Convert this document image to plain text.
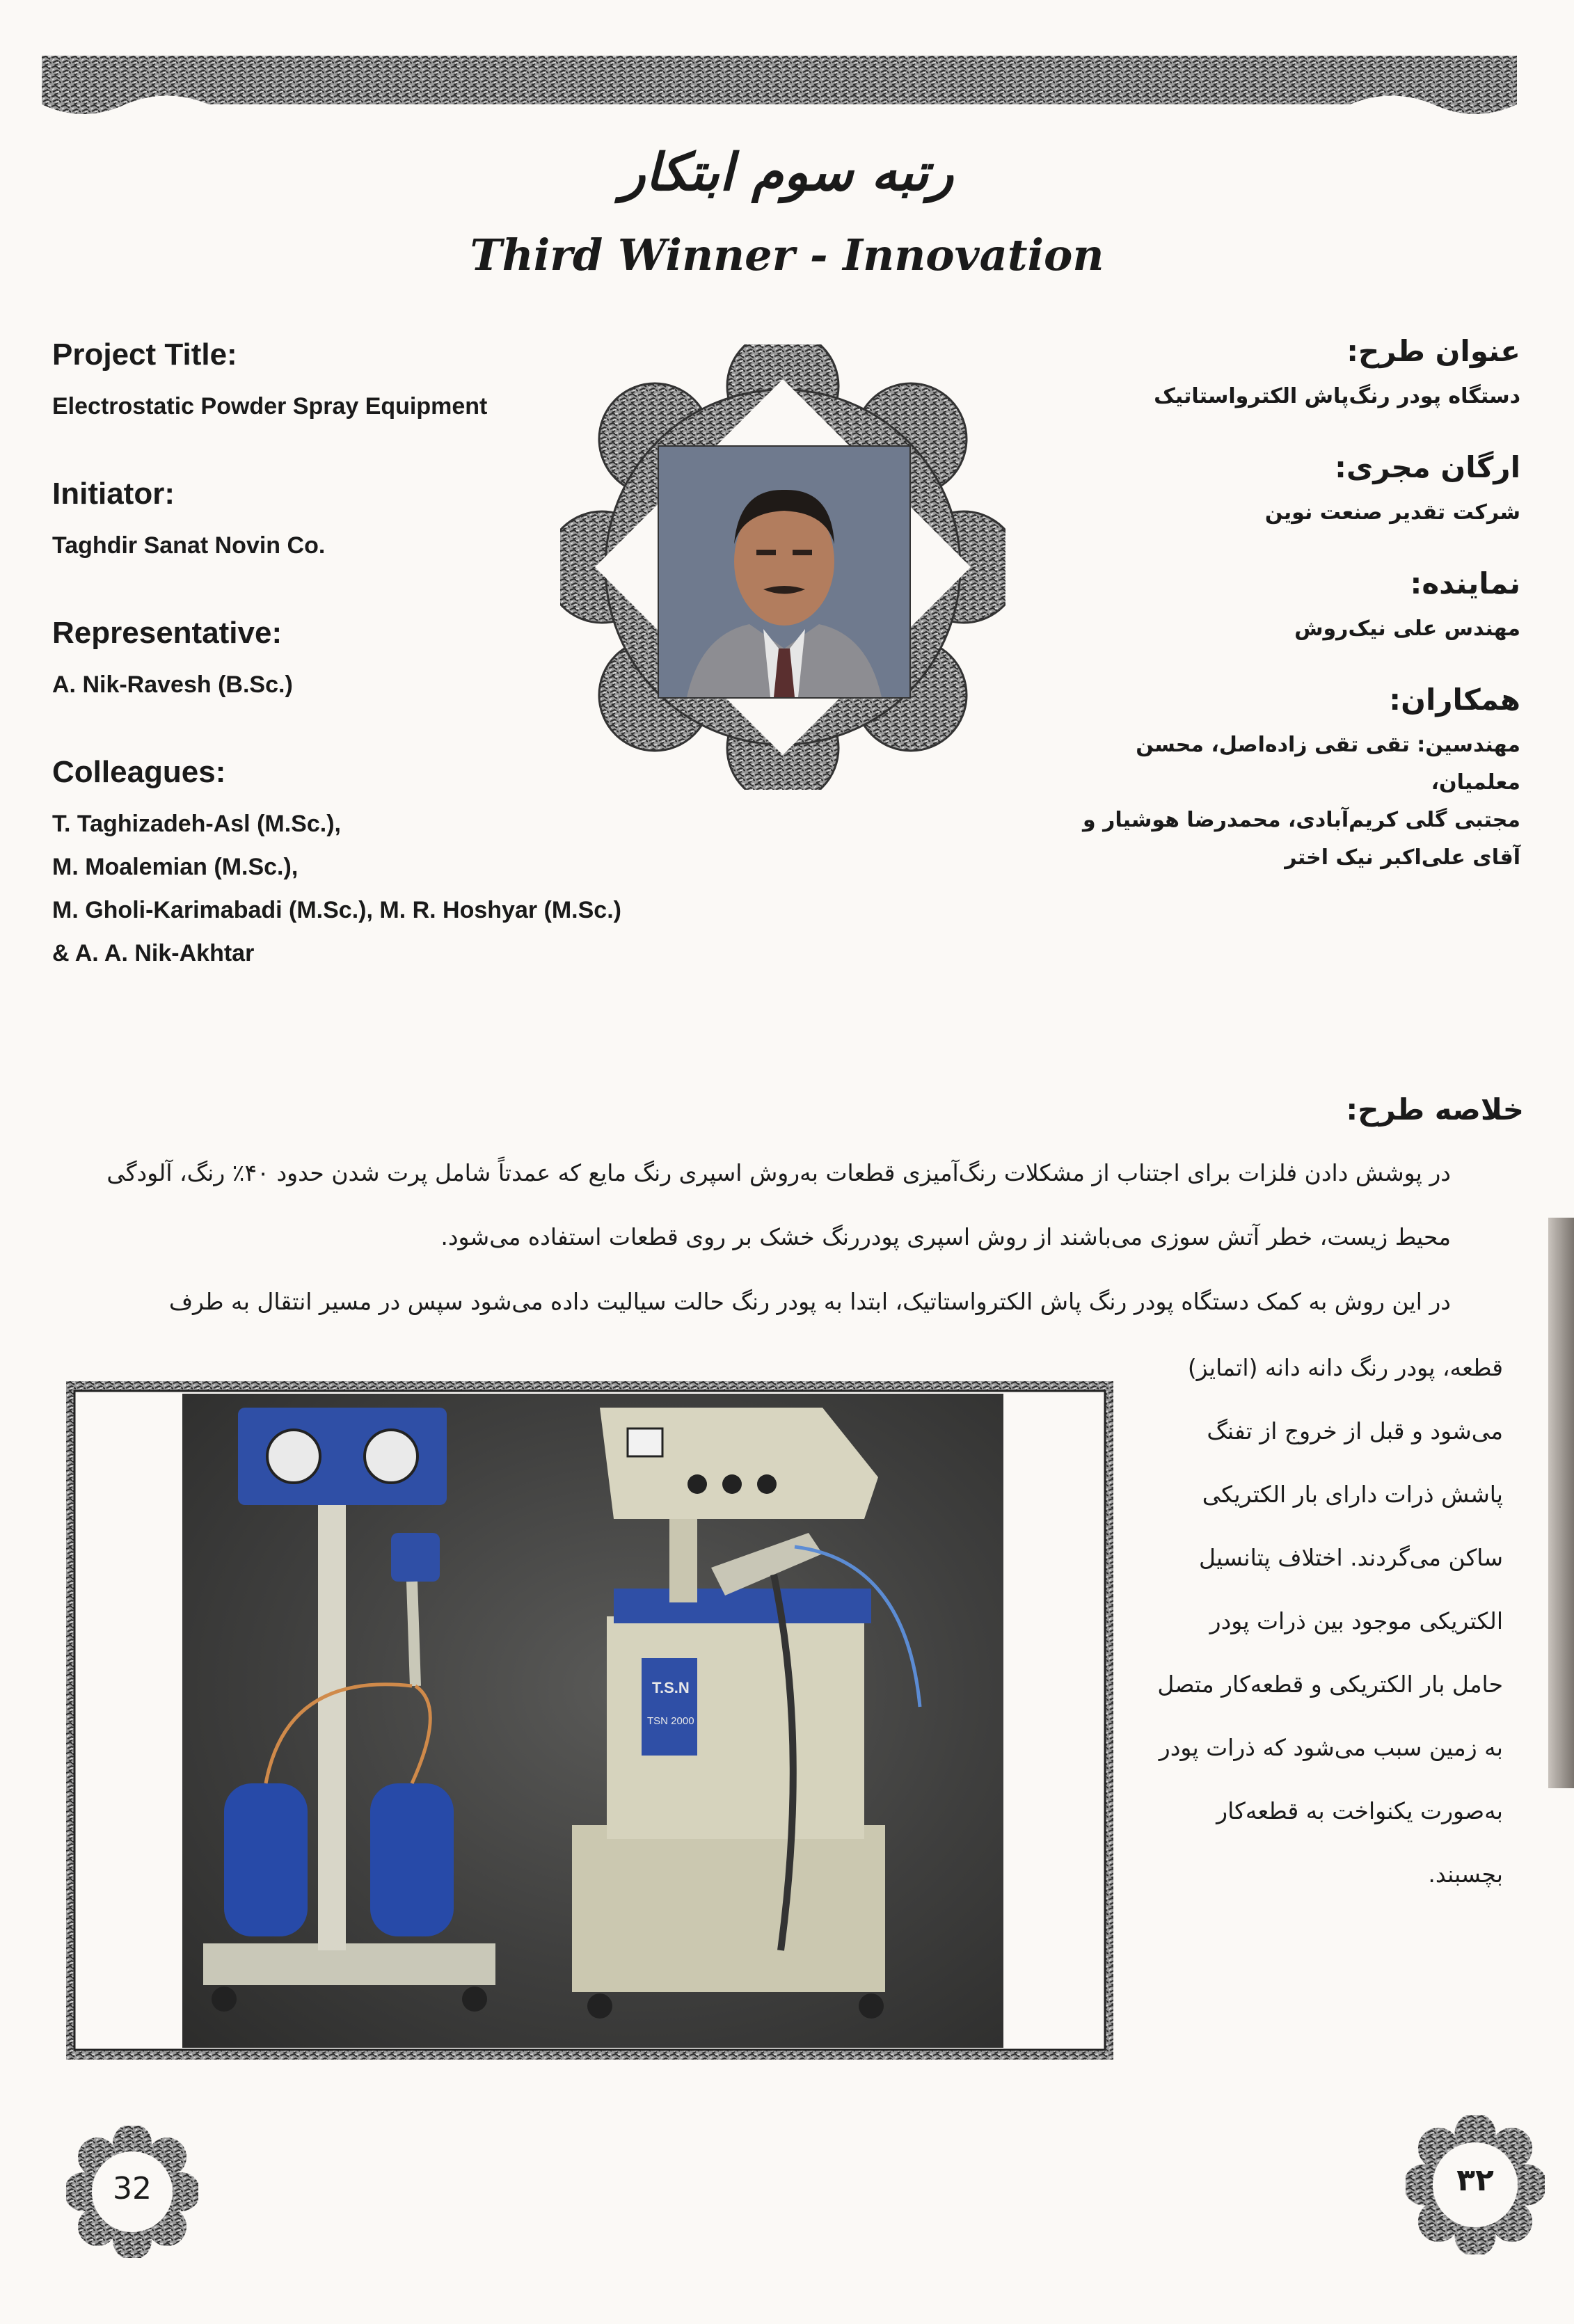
رتبه سوم ابتکار
Third Winner - Innovation

Project Title:

Electrostatic Powder Spray Equipment

Initiator:

Taghdir Sanat Novin Co.

Representative:

A. Nik-Ravesh (B.Sc.)

Colleagues:

T. Taghizadeh-Asl (M.Sc.),

M. Moalemian (M.Sc.),

M. Gholi-Karimabadi (M.Sc.), M. R. Hoshyar (M.Sc.)

& A. A. Nik-Akhtar

عنوان طرح:

دستگاه پودر رنگ‌پاش الکترواستاتیک

ارگان مجری:

شرکت تقدیر صنعت نوین

نماینده:

مهندس علی نیک‌روش

همکاران:

مهندسین: تقی تقی زاده‌اصل، محسن معلمیان،

مجتبی گلی کریم‌آبادی، محمدرضا هوشیار و

آقای علی‌اکبر نیک اختر

خلاصه طرح:
در پوشش دادن فلزات برای اجتناب از مشکلات رنگ‌آمیزی قطعات به‌روش اسپری رنگ مایع که عمدتاً شامل پرت شدن حدود ۴۰٪ رنگ، آلودگی محیط زیست، خطر آتش سوزی می‌باشند از روش اسپری پودررنگ خشک بر روی قطعات استفاده می‌شود.
در این روش به کمک دستگاه پودر رنگ پاش الکترواستاتیک، ابتدا به پودر رنگ حالت سیالیت داده می‌شود سپس در مسیر انتقال به طرف
قطعه، پودر رنگ دانه دانه (اتمایز)
می‌شود و قبل از خروج از تفنگ
پاشش ذرات دارای بار الکتریکی
ساکن می‌گردند. اختلاف پتانسیل
الکتریکی موجود بین ذرات پودر
حامل بار الکتریکی و قطعه‌کار متصل
به زمین سبب می‌شود که ذرات پودر
به‌صورت یکنواخت به قطعه‌کار
بچسبند.
T.S.N
TSN 2000
32	۳۲
